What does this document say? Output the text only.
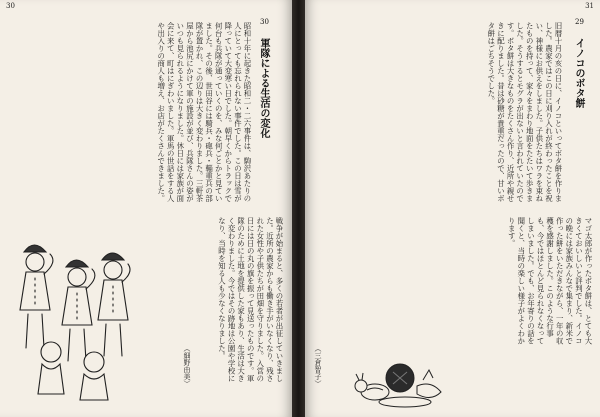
30
30
軍隊による生活の変化
昭和十年に起きた昭和二・二六事件は、駒沢あたりの人にとっても忘れられない事件でした。この日は雪が降っていて大変寒い日でした。朝早くからトラックで何台も兵隊が通っていくのを、みな何ごとかと見ていました。その後、世田谷には騎兵・砲兵・輜重兵の部隊が置かれ、この辺りは大きく変わりました。三軒茶屋から池尻にかけて軍の施設が並び、兵隊さんの姿がいつも見られるようになりました。休日には家族が面会に来て、町はにぎわいました。軍馬の世話をする人や出入りの商人も増え、お店がたくさんできました。
戦争が始まると、多くの若者が出征していきました。近所の農家からも働き手がいなくなり、残された女性や子供たちが田畑を守りました。入営の日には日の丸の旗を振って見送ったものです。軍隊のために土地を提供した家もあり、生活は大きく変わりました。今ではその跡地は公園や学校になり、当時を知る人も少なくなりました。
（細野由美）
31
29
イノコのボタ餅
旧暦十月の亥の日に、イノコといってボタ餅を作りました。農家ではこの日に刈り入れが終わったことを祝い、神様にお供えをしました。子供たちはワラを束ねたものを持って、家々をまわり地面をたたいて歩きました。そうするとモグラが出ないと言われていたのです。ボタ餅は大きなものをたくさん作り、近所や親せきに配りました。昔は砂糖が貴重だったので、甘いボタ餅はごちそうでした。
マゴ太郎が作ったボタ餅は、とても大きくておいしいと評判でした。イノコの晩には家族みんなで集まり、新米で作った餅をいただきながら、一年の収穫を感謝しました。このような行事も、今ではほとんど見られなくなってしまいました。でも、お年寄りの話を聞くと、当時の楽しい様子がよくわかります。
（三倉智子）
